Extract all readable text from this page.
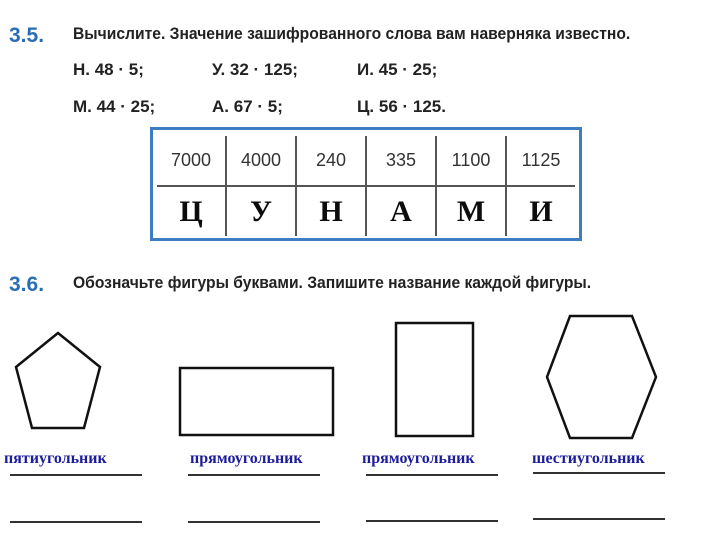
3.5. Вычислите. Значение зашифрованного слова вам наверняка известно.
Н. 48 · 5;	У. 32 · 125;	И. 45 · 25;
М. 44 · 25;	А. 67 · 5;	Ц. 56 · 125.
7000	4000	240	335	1100	1125
Ц	У	Н	А	М	И
3.6. Обозначьте фигуры буквами. Запишите название каждой фигуры.
пятиугольник	прямоугольник	прямоугольник	шестиугольник
